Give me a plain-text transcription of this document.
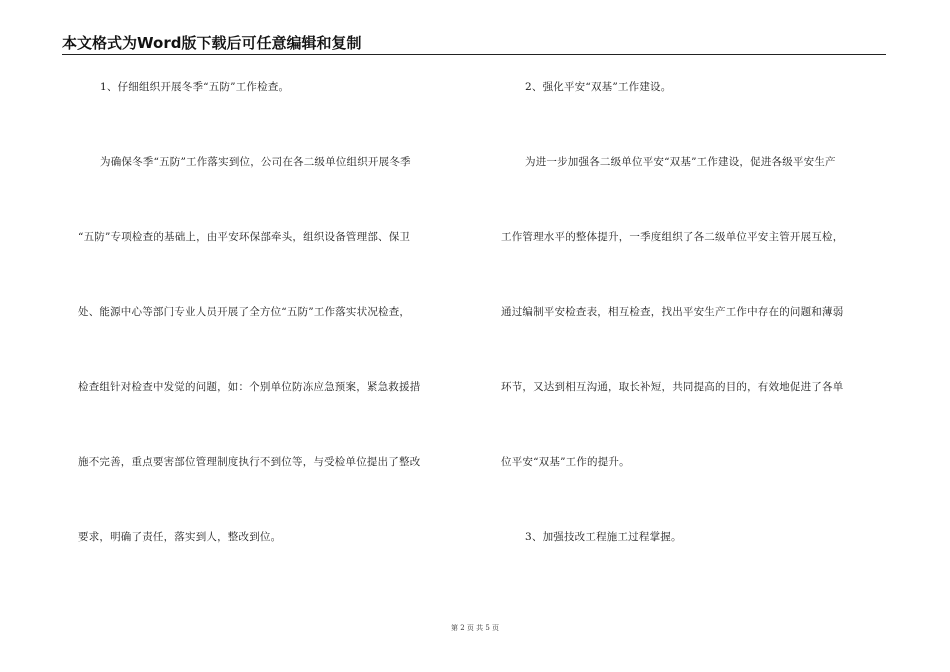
本文格式为Word版下载后可任意编辑和复制
1、仔细组织开展冬季“五防”工作检查。
为确保冬季“五防”工作落实到位，公司在各二级单位组织开展冬季
“五防”专项检查的基础上，由平安环保部牵头，组织设备管理部、保卫
处、能源中心等部门专业人员开展了全方位“五防”工作落实状况检查，
检查组针对检查中发觉的问题，如：个别单位防冻应急预案，紧急救援措
施不完善，重点要害部位管理制度执行不到位等，与受检单位提出了整改
要求，明确了责任，落实到人，整改到位。
2、强化平安“双基”工作建设。
为进一步加强各二级单位平安“双基”工作建设，促进各级平安生产
工作管理水平的整体提升，一季度组织了各二级单位平安主管开展互检，
通过编制平安检查表，相互检查，找出平安生产工作中存在的问题和薄弱
环节，又达到相互沟通，取长补短，共同提高的目的，有效地促进了各单
位平安“双基”工作的提升。
3、加强技改工程施工过程掌握。
第 2 页 共 5 页
